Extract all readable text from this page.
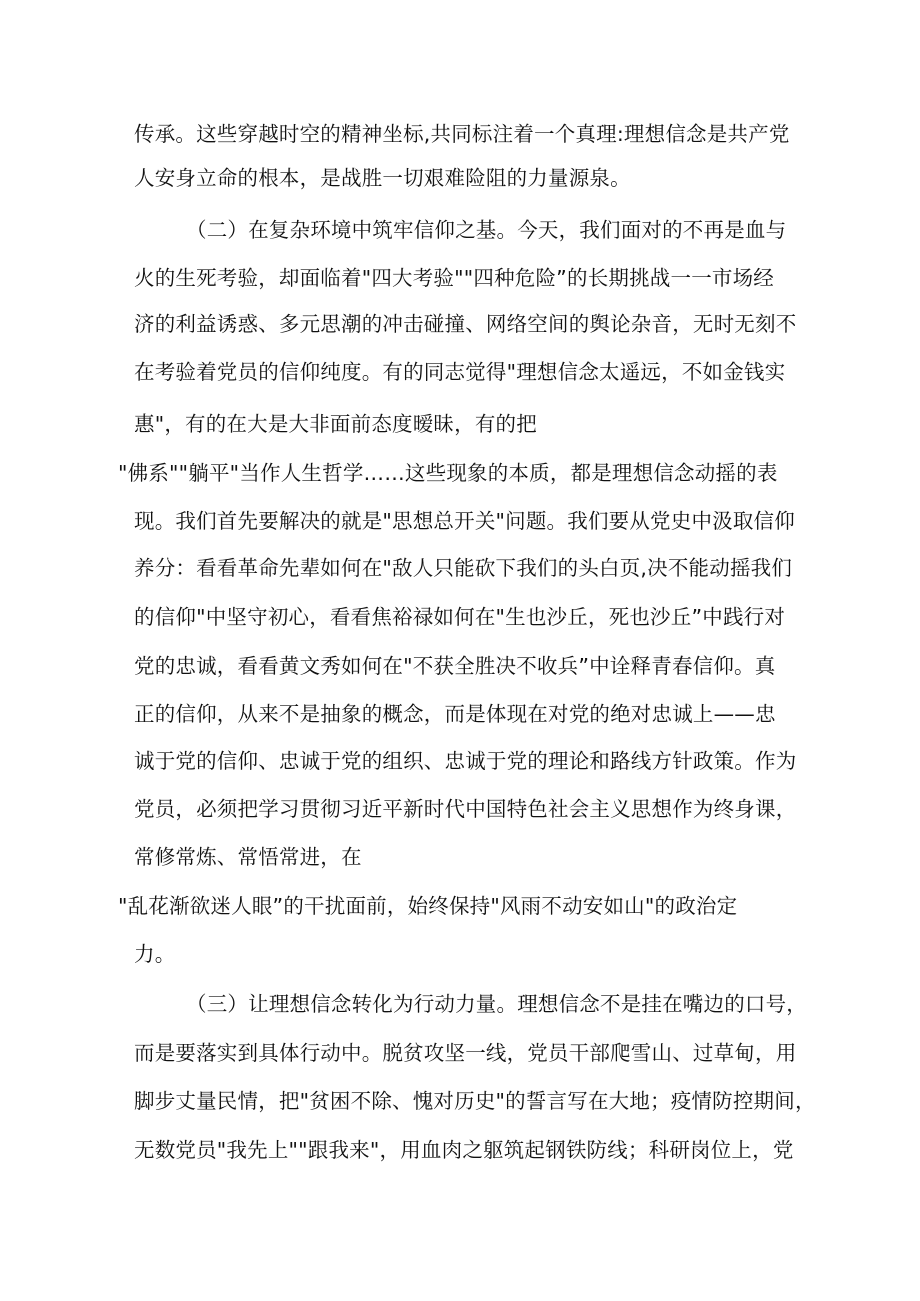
传承。这些穿越时空的精神坐标,共同标注着一个真理:理想信念是共产党
人安身立命的根本，是战胜一切艰难险阻的力量源泉。
（二）在复杂环境中筑牢信仰之基。今天，我们面对的不再是血与
火的生死考验，却面临着"四大考验""四种危险”的长期挑战一一市场经
济的利益诱惑、多元思潮的冲击碰撞、网络空间的舆论杂音，无时无刻不
在考验着党员的信仰纯度。有的同志觉得"理想信念太遥远，不如金钱实
惠"，有的在大是大非面前态度暧昧，有的把
"佛系""躺平"当作人生哲学……这些现象的本质，都是理想信念动摇的表
现。我们首先要解决的就是"思想总开关"问题。我们要从党史中汲取信仰
养分：看看革命先辈如何在"敌人只能砍下我们的头白页,决不能动摇我们
的信仰"中坚守初心，看看焦裕禄如何在"生也沙丘，死也沙丘”中践行对
党的忠诚，看看黄文秀如何在"不获全胜决不收兵”中诠释青春信仰。真
正的信仰，从来不是抽象的概念，而是体现在对党的绝对忠诚上——忠
诚于党的信仰、忠诚于党的组织、忠诚于党的理论和路线方针政策。作为
党员，必须把学习贯彻习近平新时代中国特色社会主义思想作为终身课，
常修常炼、常悟常进，在
"乱花渐欲迷人眼”的干扰面前，始终保持"风雨不动安如山"的政治定
力。
（三）让理想信念转化为行动力量。理想信念不是挂在嘴边的口号，
而是要落实到具体行动中。脱贫攻坚一线，党员干部爬雪山、过草甸，用
脚步丈量民情，把"贫困不除、愧对历史"的誓言写在大地；疫情防控期间，
无数党员"我先上""跟我来"，用血肉之躯筑起钢铁防线；科研岗位上，党
